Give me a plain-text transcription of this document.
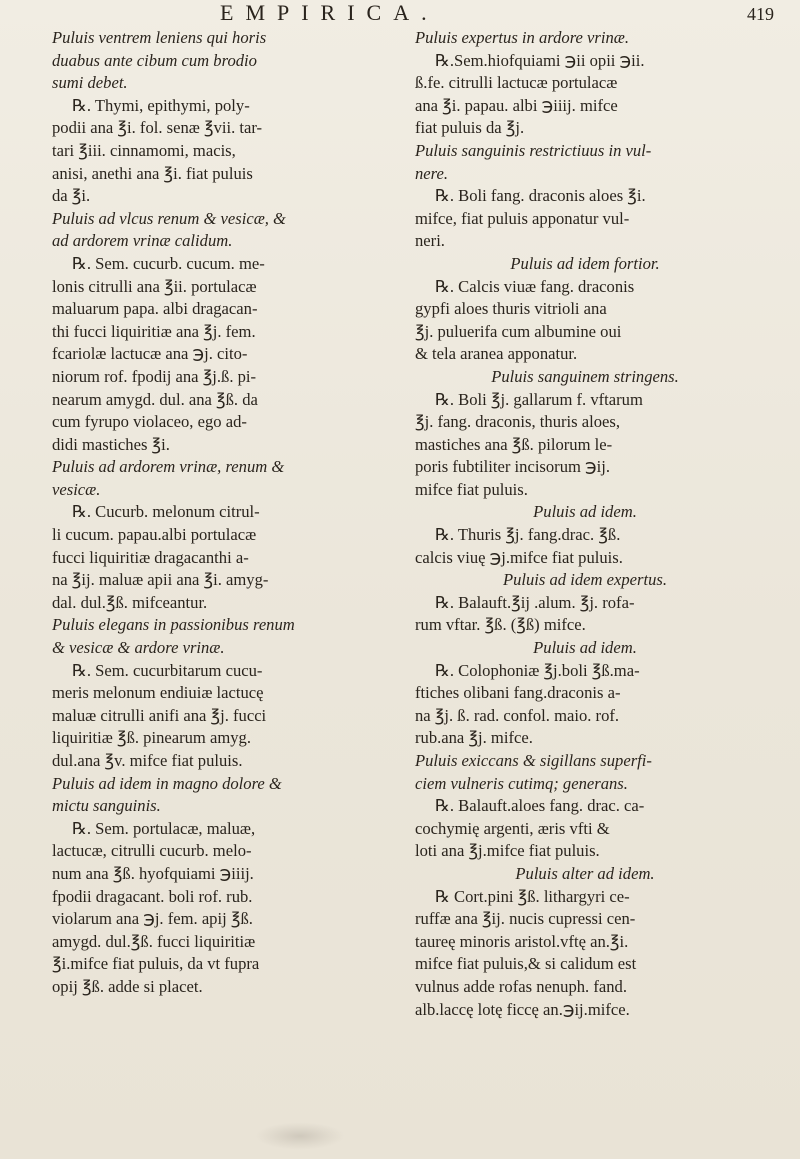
EMPIRICA.	419

Puluis ventrem leniens qui horis
duabus ante cibum cum brodio
sumi debet.

℞. Thymi, epithymi, poly-
podii ana ℥i. fol. senæ ℥vii. tar-
tari ℥iii. cinnamomi, macis,
anisi, anethi ana ℥i. fiat puluis
da ℥i.

Puluis ad vlcus renum & vesicæ, &
ad ardorem vrinæ calidum.

℞. Sem. cucurb. cucum. me-
lonis citrulli ana ℥ii. portulacæ
maluarum papa. albi dragacan-
thi fucci liquiritiæ ana ℥j. fem.
fcariolæ lactucæ ana ℈j. cito-
niorum rof. fpodij ana ℥j.ß. pi-
nearum amygd. dul. ana ℥ß. da
cum fyrupo violaceo, ego ad-
didi mastiches ℥i.

Puluis ad ardorem vrinæ, renum &
vesicæ.

℞. Cucurb. melonum citrul-
li cucum. papau.albi portulacæ
fucci liquiritiæ dragacanthi a-
na ℥ij. maluæ apii ana ℥i. amyg-
dal. dul.℥ß. mifceantur.

Puluis elegans in passionibus renum
& vesicæ & ardore vrinæ.

℞. Sem. cucurbitarum cucu-
meris melonum endiuiæ lactucę
maluæ citrulli anifi ana ℥j. fucci
liquiritiæ ℥ß. pinearum amyg.
dul.ana ℥v. mifce fiat puluis.

Puluis ad idem in magno dolore &
mictu sanguinis.

℞. Sem. portulacæ, maluæ,
lactucæ, citrulli cucurb. melo-
num ana ℥ß. hyofquiami ℈iiij.
fpodii dragacant. boli rof. rub.
violarum ana ℈j. fem. apij ℥ß.
amygd. dul.℥ß. fucci liquiritiæ
℥i.mifce fiat puluis, da vt fupra
opij ℥ß. adde si placet.

Puluis expertus in ardore vrinæ.

℞.Sem.hiofquiami ℈ii opii ℈ii.
ß.fe. citrulli lactucæ portulacæ
ana ℥i. papau. albi ℈iiij. mifce
fiat puluis da ℥j.

Puluis sanguinis restrictiuus in vul-
nere.

℞. Boli fang. draconis aloes ℥i.
mifce, fiat puluis apponatur vul-
neri.

Puluis ad idem fortior.

℞. Calcis viuæ fang. draconis
gypfi aloes thuris vitrioli ana
℥j. puluerifa cum albumine oui
& tela aranea apponatur.

Puluis sanguinem stringens.

℞. Boli ℥j. gallarum f. vftarum
℥j. fang. draconis, thuris aloes,
mastiches ana ℥ß. pilorum le-
poris fubtiliter incisorum ℈ij.
mifce fiat puluis.

Puluis ad idem.

℞. Thuris ℥j. fang.drac. ℥ß.
calcis viuę ℈j.mifce fiat puluis.

Puluis ad idem expertus.

℞. Balauft.℥ij .alum. ℥j. rofa-
rum vftar. ℥ß. (℥ß) mifce.

Puluis ad idem.

℞. Colophoniæ ℥j.boli ℥ß.ma-
ftiches olibani fang.draconis a-
na ℥j. ß. rad. confol. maio. rof.
rub.ana ℥j. mifce.

Puluis exiccans & sigillans superfi-
ciem vulneris cutimq; generans.

℞. Balauft.aloes fang. drac. ca-
cochymię argenti, æris vfti &
loti ana ℥j.mifce fiat puluis.

Puluis alter ad idem.

℞ Cort.pini ℥ß. lithargyri ce-
ruffæ ana ℥ij. nucis cupressi cen-
taureę minoris aristol.vftę an.℥i.
mifce fiat puluis,& si calidum est
vulnus adde rofas nenuph. fand.
alb.laccę lotę ficcę an.℈ij.mifce.
